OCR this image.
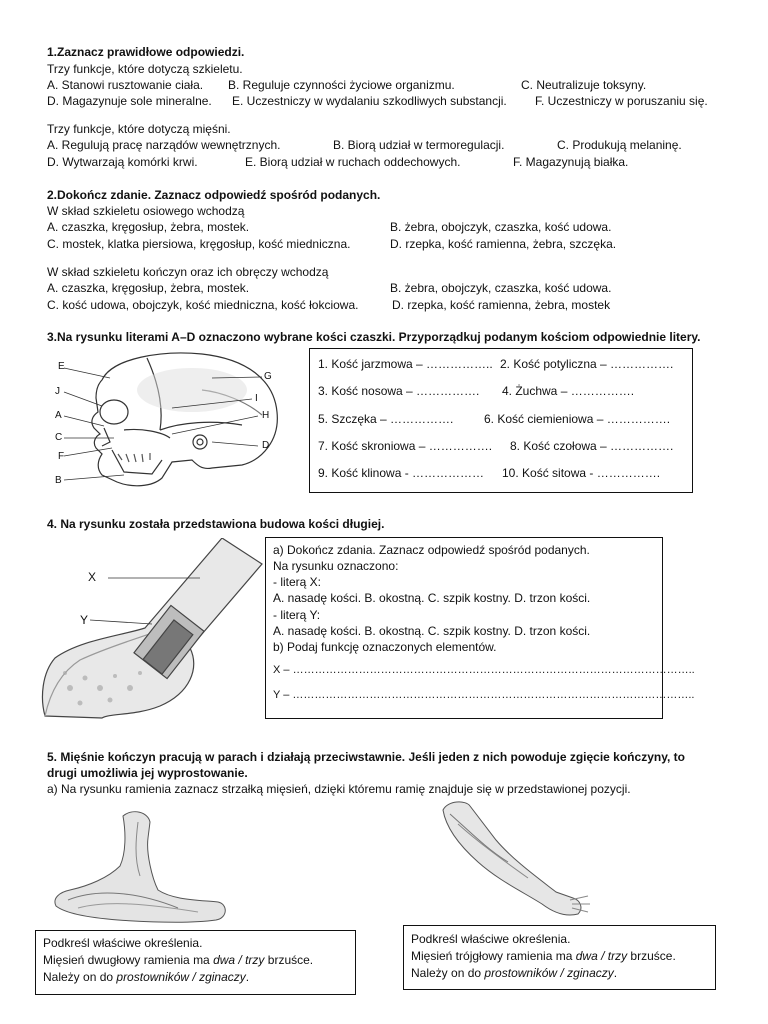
1.Zaznacz prawidłowe odpowiedzi.
Trzy funkcje, które dotyczą szkieletu.
A. Stanowi rusztowanie ciała. B. Reguluje czynności życiowe organizmu.	C. Neutralizuje toksyny.
D. Magazynuje sole mineralne. E. Uczestniczy w wydalaniu szkodliwych substancji. F. Uczestniczy w poruszaniu się.
Trzy funkcje, które dotyczą mięśni.
A. Regulują pracę narządów wewnętrznych.	B. Biorą udział w termoregulacji.	C. Produkują melaninę.
D. Wytwarzają komórki krwi.	E. Biorą udział w ruchach oddechowych.	F. Magazynują białka.
2.Dokończ zdanie. Zaznacz odpowiedź spośród podanych.
W skład szkieletu osiowego wchodzą
A. czaszka, kręgosłup, żebra, mostek.	B. żebra, obojczyk, czaszka, kość udowa.
C. mostek, klatka piersiowa, kręgosłup, kość miedniczna.	D. rzepka, kość ramienna, żebra, szczęka.
W skład szkieletu kończyn oraz ich obręczy wchodzą
A. czaszka, kręgosłup, żebra, mostek.	B. żebra, obojczyk, czaszka, kość udowa.
C. kość udowa, obojczyk, kość miedniczna, kość łokciowa.	D. rzepka, kość ramienna, żebra, mostek
3.Na rysunku literami A–D oznaczono wybrane kości czaszki. Przyporządkuj podanym kościom odpowiednie litery.
E
J
A
C
F
B
G
I
H
D
1. Kość jarzmowa – …………….. 2. Kość potyliczna – …………….
3. Kość nosowa – ……………. 4. Żuchwa – …………….
5. Szczęka – …………….	6. Kość ciemieniowa – …………….
7. Kość skroniowa – ……………. 8. Kość czołowa – …………….
9. Kość klinowa - ……………… 10. Kość sitowa - …………….
4. Na rysunku została przedstawiona budowa kości długiej.
X
Y
a) Dokończ zdania. Zaznacz odpowiedź spośród podanych.
Na rysunku oznaczono:
- literą X:
A. nasadę kości. B. okostną. C. szpik kostny. D. trzon kości.
- literą Y:
A. nasadę kości. B. okostną. C. szpik kostny. D. trzon kości.
b) Podaj funkcję oznaczonych elementów.
X – ………………………………………………………………………………………………..
Y – ………………………………………………………………………………………………..
5. Mięśnie kończyn pracują w parach i działają przeciwstawnie. Jeśli jeden z nich powoduje zgięcie kończyny, to
drugi umożliwia jej wyprostowanie.
a) Na rysunku ramienia zaznacz strzałką mięsień, dzięki któremu ramię znajduje się w przedstawionej pozycji.
Podkreśl właściwe określenia.
Mięsień dwugłowy ramienia ma dwa / trzy brzuśce.
Należy on do prostowników / zginaczy.
Podkreśl właściwe określenia.
Mięsień trójgłowy ramienia ma dwa / trzy brzuśce.
Należy on do prostowników / zginaczy.
